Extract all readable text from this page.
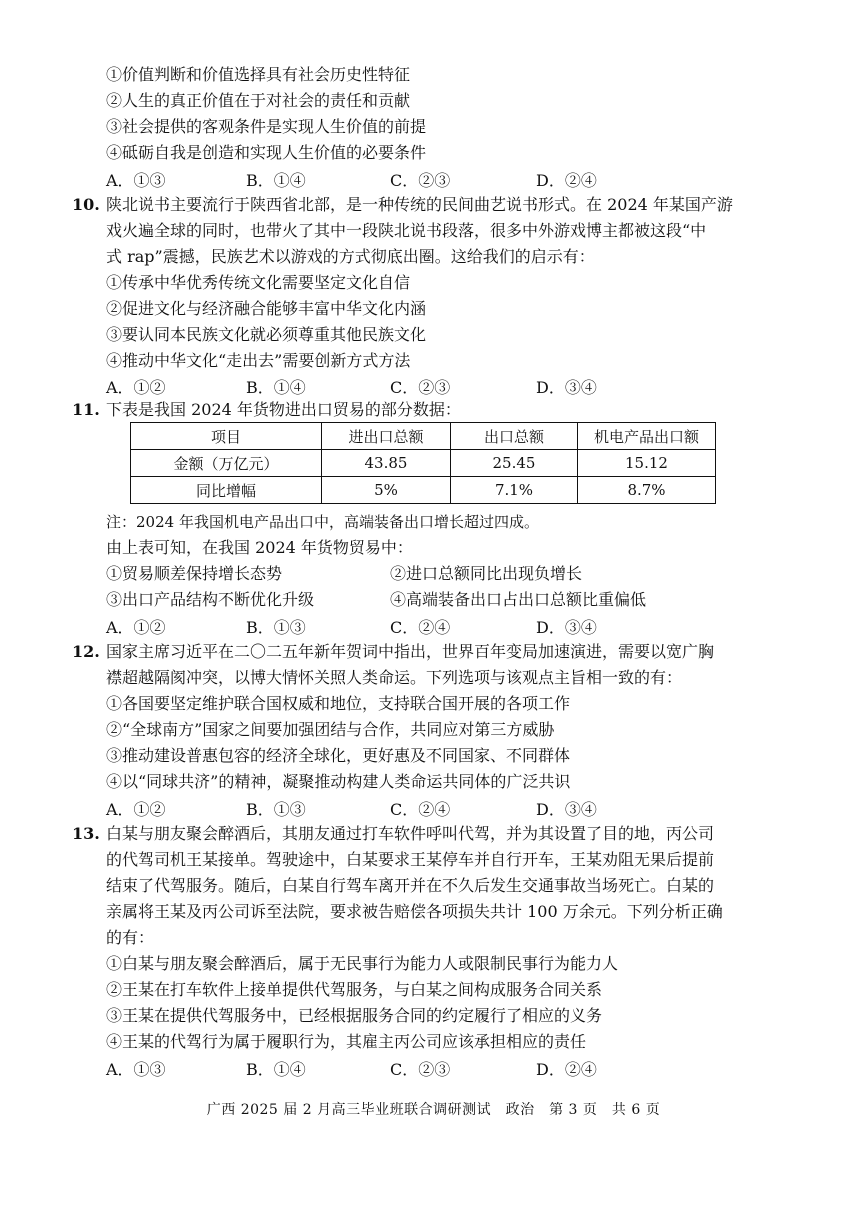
①价值判断和价值选择具有社会历史性特征
②人生的真正价值在于对社会的责任和贡献
③社会提供的客观条件是实现人生价值的前提
④砥砺自我是创造和实现人生价值的必要条件
A．①③	B．①④	C．②③	D．②④
10. 陕北说书主要流行于陕西省北部，是一种传统的民间曲艺说书形式。在 2024 年某国产游
戏火遍全球的同时，也带火了其中一段陕北说书段落，很多中外游戏博主都被这段“中
式 rap”震撼，民族艺术以游戏的方式彻底出圈。这给我们的启示有：
①传承中华优秀传统文化需要坚定文化自信
②促进文化与经济融合能够丰富中华文化内涵
③要认同本民族文化就必须尊重其他民族文化
④推动中华文化“走出去”需要创新方式方法
A．①②	B．①④	C．②③	D．③④
11. 下表是我国 2024 年货物进出口贸易的部分数据：
项目	进出口总额	出口总额	机电产品出口额
金额（万亿元）	43.85	25.45	15.12
同比增幅	5%	7.1%	8.7%
注：2024 年我国机电产品出口中，高端装备出口增长超过四成。
由上表可知，在我国 2024 年货物贸易中：
①贸易顺差保持增长态势	②进口总额同比出现负增长
③出口产品结构不断优化升级	④高端装备出口占出口总额比重偏低
A．①②	B．①③	C．②④	D．③④
12. 国家主席习近平在二〇二五年新年贺词中指出，世界百年变局加速演进，需要以宽广胸
襟超越隔阂冲突，以博大情怀关照人类命运。下列选项与该观点主旨相一致的有：
①各国要坚定维护联合国权威和地位，支持联合国开展的各项工作
②“全球南方”国家之间要加强团结与合作，共同应对第三方威胁
③推动建设普惠包容的经济全球化，更好惠及不同国家、不同群体
④以“同球共济”的精神，凝聚推动构建人类命运共同体的广泛共识
A．①②	B．①③	C．②④	D．③④
13. 白某与朋友聚会醉酒后，其朋友通过打车软件呼叫代驾，并为其设置了目的地，丙公司
的代驾司机王某接单。驾驶途中，白某要求王某停车并自行开车，王某劝阻无果后提前
结束了代驾服务。随后，白某自行驾车离开并在不久后发生交通事故当场死亡。白某的
亲属将王某及丙公司诉至法院，要求被告赔偿各项损失共计 100 万余元。下列分析正确
的有：
①白某与朋友聚会醉酒后，属于无民事行为能力人或限制民事行为能力人
②王某在打车软件上接单提供代驾服务，与白某之间构成服务合同关系
③王某在提供代驾服务中，已经根据服务合同的约定履行了相应的义务
④王某的代驾行为属于履职行为，其雇主丙公司应该承担相应的责任
A．①③	B．①④	C．②③	D．②④
广西 2025 届 2 月高三毕业班联合调研测试　政治　第 3 页　共 6 页
